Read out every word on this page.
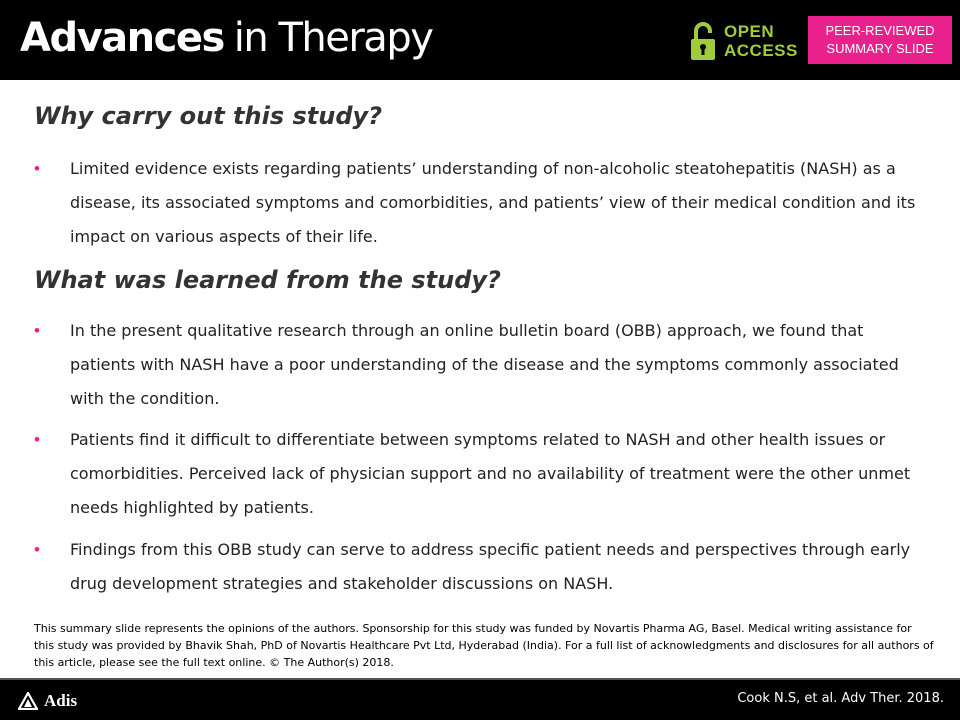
Advances in Therapy	OPEN
ACCESS
PEER-REVIEWED
SUMMARY SLIDE
Why carry out this study?
• Limited evidence exists regarding patients’ understanding of non-alcoholic steatohepatitis (NASH) as a disease, its associated symptoms and comorbidities, and patients’ view of their medical condition and its impact on various aspects of their life.
What was learned from the study?
• In the present qualitative research through an online bulletin board (OBB) approach, we found that patients with NASH have a poor understanding of the disease and the symptoms commonly associated with the condition.
• Patients find it difficult to differentiate between symptoms related to NASH and other health issues or comorbidities. Perceived lack of physician support and no availability of treatment were the other unmet needs highlighted by patients.
• Findings from this OBB study can serve to address specific patient needs and perspectives through early drug development strategies and stakeholder discussions on NASH.
This summary slide represents the opinions of the authors. Sponsorship for this study was funded by Novartis Pharma AG, Basel. Medical writing assistance for this study was provided by Bhavik Shah, PhD of Novartis Healthcare Pvt Ltd, Hyderabad (India). For a full list of acknowledgments and disclosures for all authors of this article, please see the full text online. © The Author(s) 2018.
Adis	Cook N.S, et al. Adv Ther. 2018.
